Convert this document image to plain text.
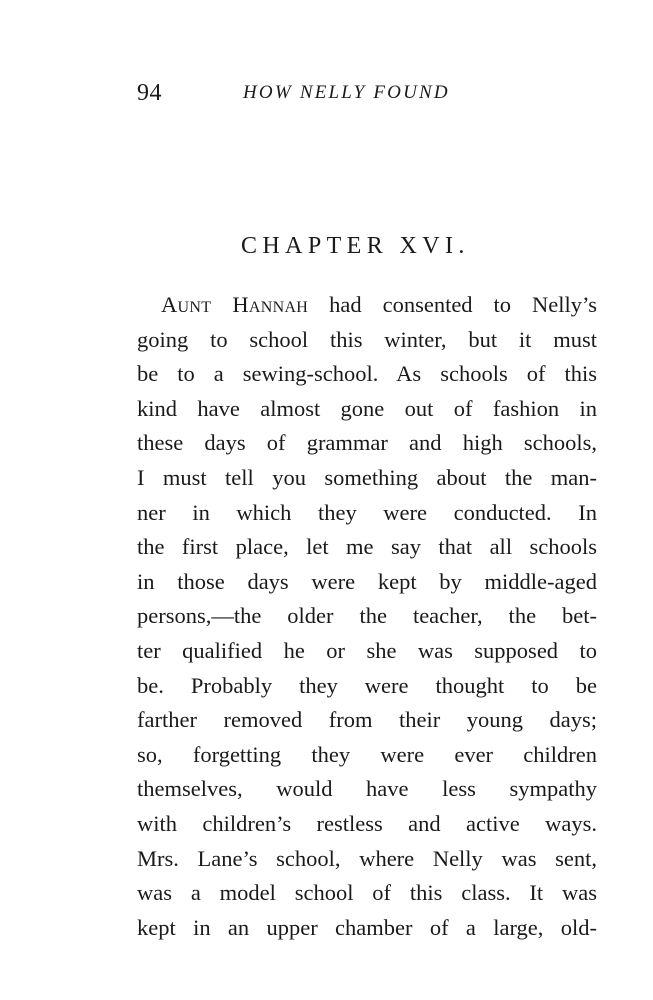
94	HOW NELLY FOUND
CHAPTER XVI.
Aunt Hannah had consented to Nelly’s
going to school this winter, but it must
be to a sewing-school. As schools of this
kind have almost gone out of fashion in
these days of grammar and high schools,
I must tell you something about the man-
ner in which they were conducted. In
the first place, let me say that all schools
in those days were kept by middle-aged
persons,—the older the teacher, the bet-
ter qualified he or she was supposed to
be. Probably they were thought to be
farther removed from their young days;
so, forgetting they were ever children
themselves, would have less sympathy
with children’s restless and active ways.
Mrs. Lane’s school, where Nelly was sent,
was a model school of this class. It was
kept in an upper chamber of a large, old-
